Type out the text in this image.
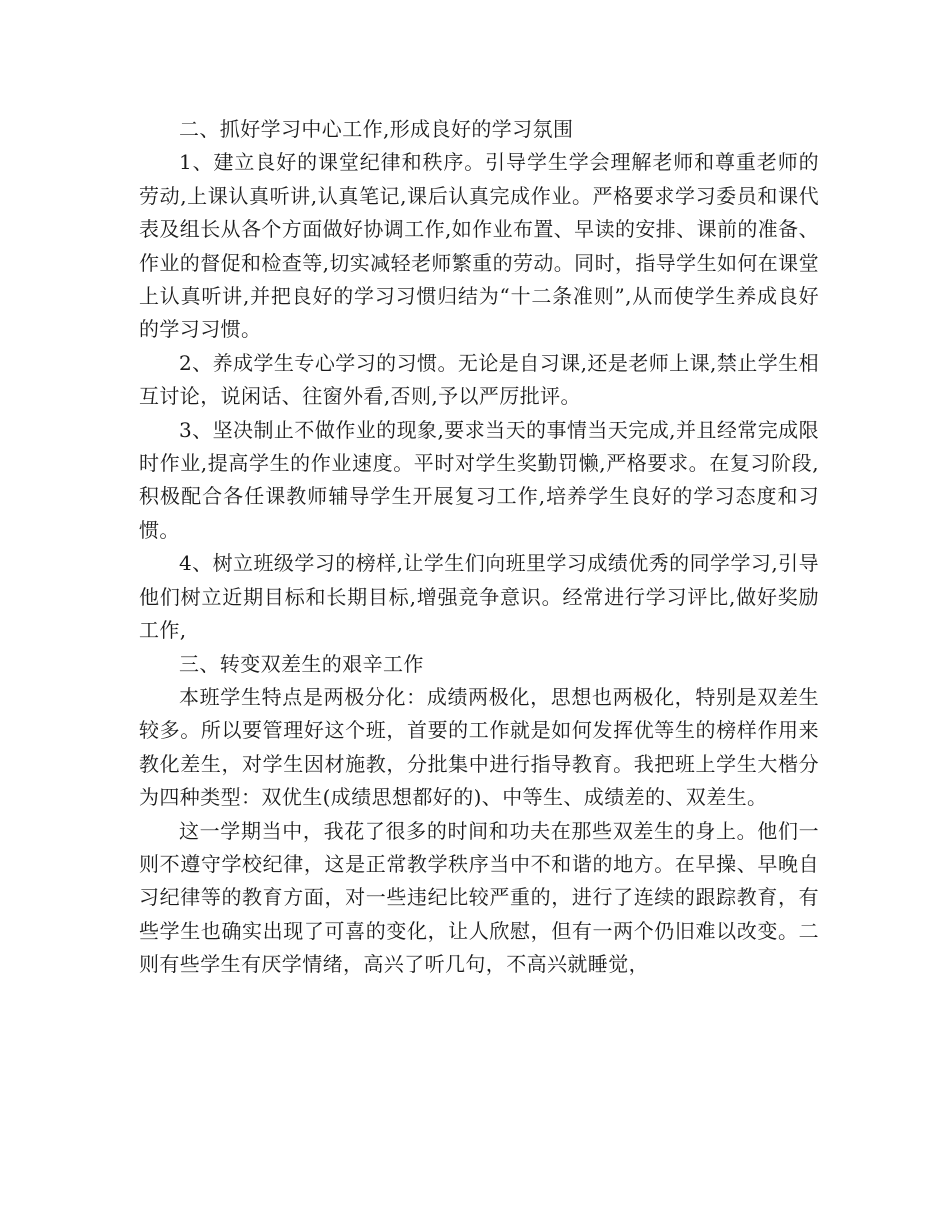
二、抓好学习中心工作,形成良好的学习氛围

1、建立良好的课堂纪律和秩序。引导学生学会理解老师和尊重老师的劳动,上课认真听讲,认真笔记,课后认真完成作业。严格要求学习委员和课代表及组长从各个方面做好协调工作,如作业布置、早读的安排、课前的准备、作业的督促和检查等,切实减轻老师繁重的劳动。同时，指导学生如何在课堂上认真听讲,并把良好的学习习惯归结为“十二条准则”,从而使学生养成良好的学习习惯。

2、养成学生专心学习的习惯。无论是自习课,还是老师上课,禁止学生相互讨论，说闲话、往窗外看,否则,予以严厉批评。

3、坚决制止不做作业的现象,要求当天的事情当天完成,并且经常完成限时作业,提高学生的作业速度。平时对学生奖勤罚懒,严格要求。在复习阶段,积极配合各任课教师辅导学生开展复习工作,培养学生良好的学习态度和习惯。

4、树立班级学习的榜样,让学生们向班里学习成绩优秀的同学学习,引导他们树立近期目标和长期目标,增强竞争意识。经常进行学习评比,做好奖励工作,

三、转变双差生的艰辛工作

本班学生特点是两极分化：成绩两极化，思想也两极化，特别是双差生较多。所以要管理好这个班，首要的工作就是如何发挥优等生的榜样作用来教化差生，对学生因材施教，分批集中进行指导教育。我把班上学生大楷分为四种类型：双优生(成绩思想都好的)、中等生、成绩差的、双差生。

这一学期当中，我花了很多的时间和功夫在那些双差生的身上。他们一则不遵守学校纪律，这是正常教学秩序当中不和谐的地方。在早操、早晚自习纪律等的教育方面，对一些违纪比较严重的，进行了连续的跟踪教育，有些学生也确实出现了可喜的变化，让人欣慰，但有一两个仍旧难以改变。二则有些学生有厌学情绪，高兴了听几句，不高兴就睡觉，
